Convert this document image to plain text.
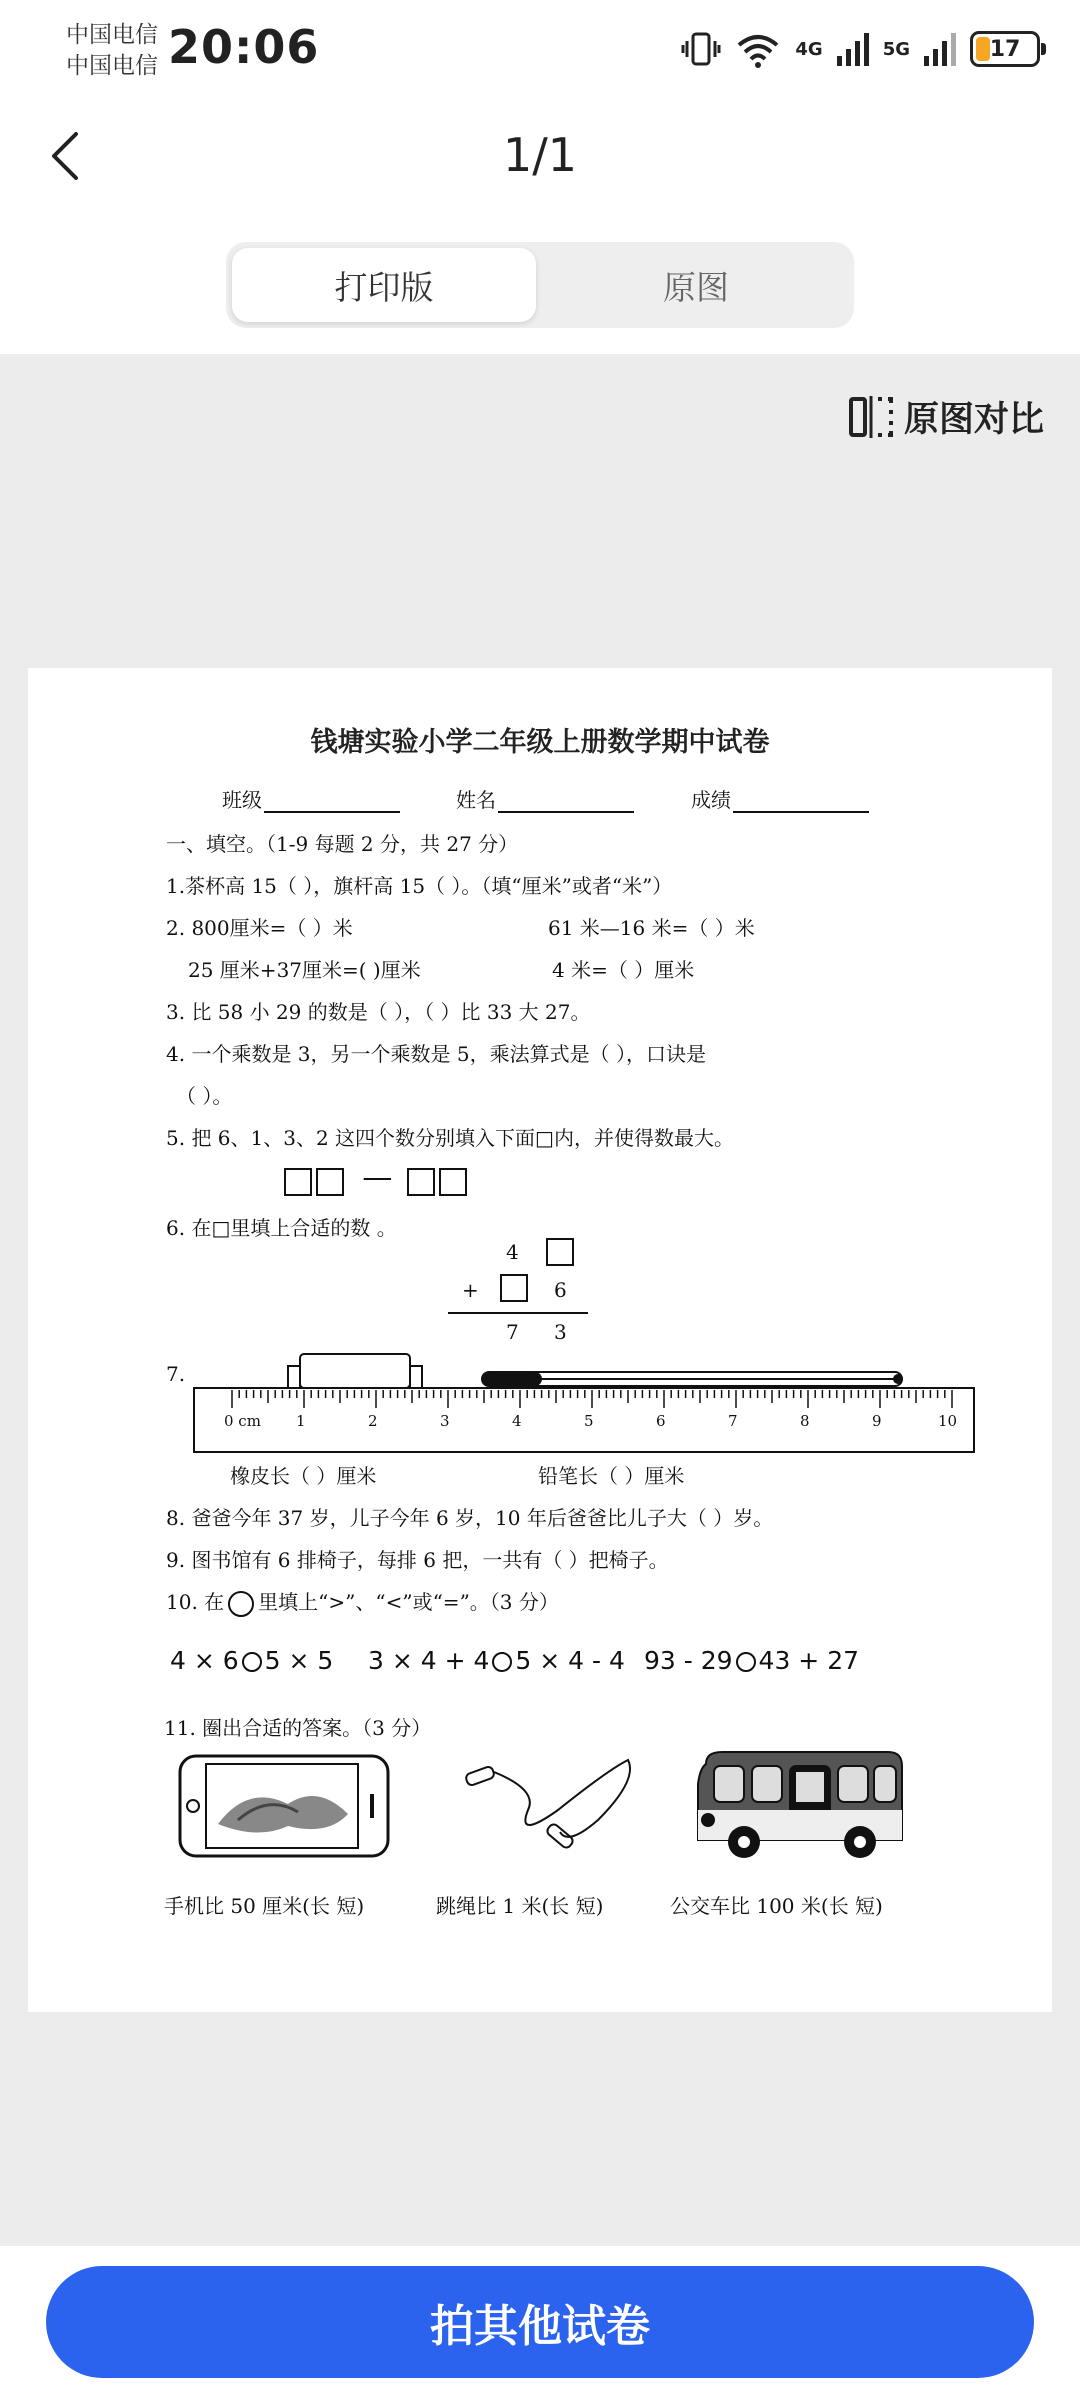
中国电信
中国电信 20:06	4G	5G	17
1/1
打印版	原图
原图对比
钱塘实验小学二年级上册数学期中试卷
班级	姓名	成绩
一、填空。（1-9 每题 2 分，共 27 分）
1.茶杯高 15（ ），旗杆高 15（ ）。（填“厘米”或者“米”）
2. 800厘米=（ ）米	61 米—16 米=（ ）米
25 厘米+37厘米=( )厘米	4 米=（ ）厘米
3. 比 58 小 29 的数是（ ），（ ）比 33 大 27。
4. 一个乘数是 3，另一个乘数是 5，乘法算式是（ ），口诀是
（ ）。
5. 把 6、1、3、2 这四个数分别填入下面□内，并使得数最大。
—
6. 在□里填上合适的数 。
4
+	6
7 3
7.
0 cm 1	2	3	4	5	6	7	8	9	10
橡皮长（ ）厘米	铅笔长（ ）厘米
8. 爸爸今年 37 岁，儿子今年 6 岁，10 年后爸爸比儿子大（ ）岁。
9. 图书馆有 6 排椅子，每排 6 把，一共有（ ）把椅子。
10. 在 里填上“>”、“<”或“=”。（3 分）
4 × 6 5 × 5 3 × 4 + 4 5 × 4 - 4 93 - 29 43 + 27
11. 圈出合适的答案。（3 分）
手机比 50 厘米(长 短)	跳绳比 1 米(长 短)	公交车比 100 米(长 短)
拍其他试卷
